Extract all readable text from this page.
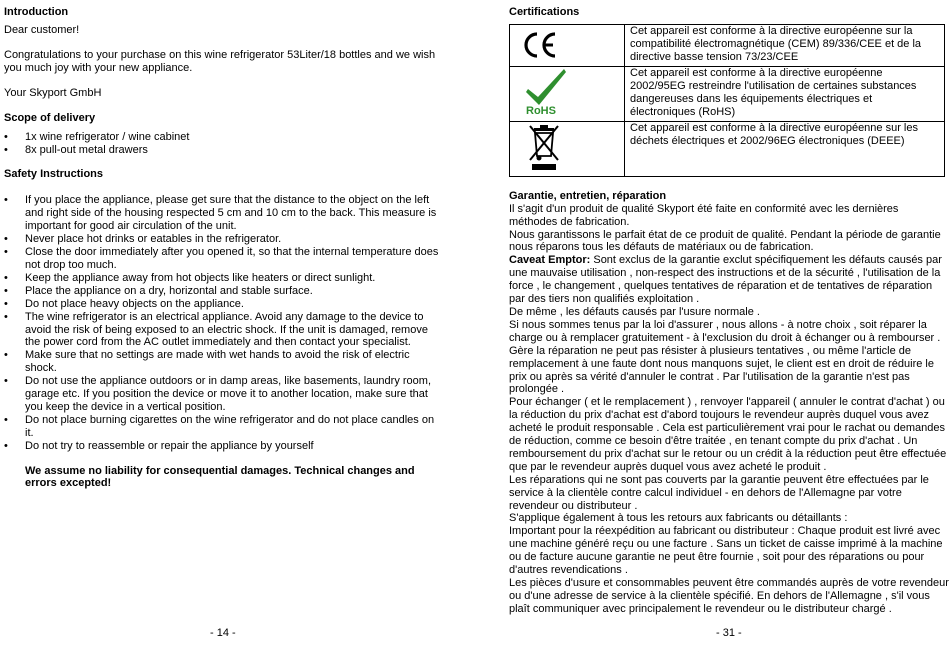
Introduction

Dear customer!

Congratulations to your purchase on this wine refrigerator 53Liter/18 bottles and we wish you much joy with your new appliance.

Your Skyport GmbH

Scope of delivery
• 1x wine refrigerator / wine cabinet
• 8x pull-out metal drawers
Safety Instructions
• If you place the appliance, please get sure that the distance to the object on the left and right side of the housing respected 5 cm and 10 cm to the back. This measure is important for good air circulation of the unit.
• Never place hot drinks or eatables in the refrigerator.
• Close the door immediately after you opened it, so that the internal temperature does not drop too much.
• Keep the appliance away from hot objects like heaters or direct sunlight.
• Place the appliance on a dry, horizontal and stable surface.
• Do not place heavy objects on the appliance.
• The wine refrigerator is an electrical appliance. Avoid any damage to the device to avoid the risk of being exposed to an electric shock. If the unit is damaged, remove the power cord from the AC outlet immediately and then contact your specialist.
• Make sure that no settings are made with wet hands to avoid the risk of electric shock.
• Do not use the appliance outdoors or in damp areas, like basements, laundry room, garage etc. If you position the device or move it to another location, make sure that you keep the device in a vertical position.
• Do not place burning cigarettes on the wine refrigerator and do not place candles on it.
• Do not try to reassemble or repair the appliance by yourself

We assume no liability for consequential damages. Technical changes and errors excepted!

- 14 -
Certifications
	Cet appareil est conforme à la directive européenne sur la compatibilité électromagnétique (CEM) 89/336/CEE et de la directive basse tension 73/23/CEE

RoHS	Cet appareil est conforme à la directive européenne 2002/95EG restreindre l'utilisation de certaines substances dangereuses dans les équipements électriques et électroniques (RoHS)
	Cet appareil est conforme à la directive européenne sur les déchets électriques et 2002/96EG électroniques (DEEE)
Garantie, entretien, réparation

Il s'agit d'un produit de qualité Skyport été faite en conformité avec les dernières méthodes de fabrication.

Nous garantissons le parfait état de ce produit de qualité. Pendant la période de garantie nous réparons tous les défauts de matériaux ou de fabrication.

Caveat Emptor: Sont exclus de la garantie exclut spécifiquement les défauts causés par une mauvaise utilisation , non-respect des instructions et de la sécurité , l'utilisation de la force , le changement , quelques tentatives de réparation et de tentatives de réparation par des tiers non qualifiés exploitation .

De même , les défauts causés par l'usure normale .

Si nous sommes tenus par la loi d'assurer , nous allons - à notre choix , soit réparer la charge ou à remplacer gratuitement - à l'exclusion du droit à échanger ou à rembourser . Gère la réparation ne peut pas résister à plusieurs tentatives , ou même l'article de remplacement à une faute dont nous manquons sujet, le client est en droit de réduire le prix ou après sa vérité d'annuler le contrat . Par l'utilisation de la garantie n'est pas prolongée .

Pour échanger ( et le remplacement ) , renvoyer l'appareil ( annuler le contrat d'achat ) ou la réduction du prix d'achat est d'abord toujours le revendeur auprès duquel vous avez acheté le produit responsable . Cela est particulièrement vrai pour le rachat ou demandes de réduction, comme ce besoin d'être traitée , en tenant compte du prix d'achat . Un remboursement du prix d'achat sur le retour ou un crédit à la réduction peut être effectuée que par le revendeur auprès duquel vous avez acheté le produit .

Les réparations qui ne sont pas couverts par la garantie peuvent être effectuées par le service à la clientèle contre calcul individuel - en dehors de l'Allemagne par votre revendeur ou distributeur .

S'applique également à tous les retours aux fabricants ou détaillants :

Important pour la réexpédition au fabricant ou distributeur : Chaque produit est livré avec une machine généré reçu ou une facture . Sans un ticket de caisse imprimé à la machine ou de facture aucune garantie ne peut être fournie , soit pour des réparations ou pour d'autres revendications .

Les pièces d'usure et consommables peuvent être commandés auprès de votre revendeur ou d'une adresse de service à la clientèle spécifié. En dehors de l'Allemagne , s'il vous plaît communiquer avec principalement le revendeur ou le distributeur chargé .

- 31 -
